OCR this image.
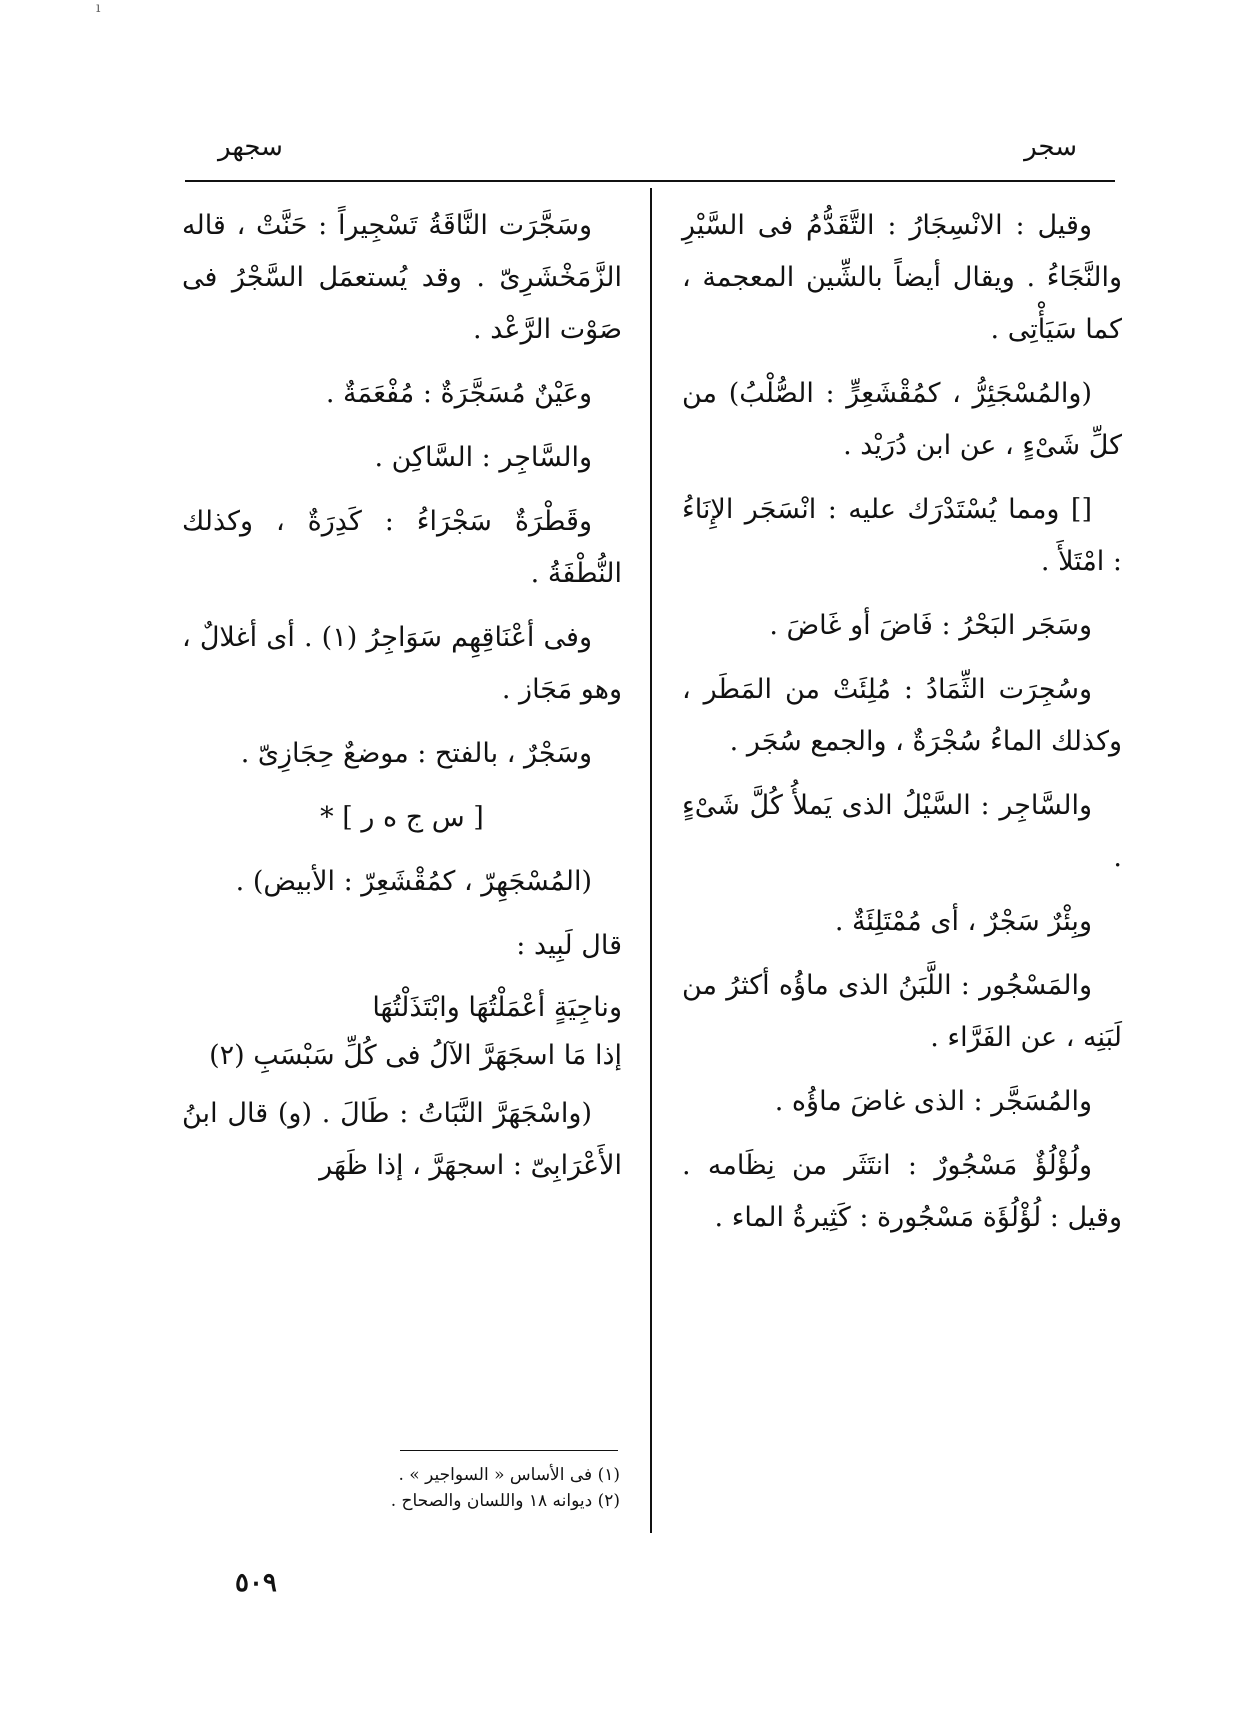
ı
سجر
سجهر

وقيل : الانْسِجَارُ : التَّقَدُّمُ فى السَّيْرِ والنَّجَاءُ . ويقال أيضاً بالشِّين المعجمة ، كما سَيَأْتِى .

(والمُسْجَئِرُّ ، كمُقْشَعِرٍّ : الصُّلْبُ) من كلِّ شَىْءٍ ، عن ابن دُرَيْد .

[] ومما يُسْتَدْرَك عليه : انْسَجَر الإِنَاءُ : امْتَلأَ .

وسَجَر البَحْرُ : فَاضَ أو غَاضَ .

وسُجِرَت الثِّمَادُ : مُلِئَتْ من المَطَر ، وكذلك الماءُ سُجْرَةٌ ، والجمع سُجَر .

والسَّاجِر : السَّيْلُ الذى يَملأُ كُلَّ شَىْءٍ .

وبِئْرٌ سَجْرٌ ، أى مُمْتَلِئَةٌ .

والمَسْجُور : اللَّبَنُ الذى ماؤُه أكثرُ من لَبَنِه ، عن الفَرَّاء .

والمُسَجَّر : الذى غاضَ ماؤُه .

ولُؤْلُؤٌ مَسْجُورٌ : انتَثَر من نِظَامه . وقيل : لُؤْلُؤَة مَسْجُورة : كَثِيرةُ الماء .

وسَجَّرَت النَّاقَةُ تَسْجِيراً : حَنَّتْ ، قاله الزَّمَخْشَرِىّ . وقد يُستعمَل السَّجْرُ فى صَوْت الرَّعْد .

وعَيْنٌ مُسَجَّرَةٌ : مُفْعَمَةٌ .

والسَّاجِر : السَّاكِن .

وقَطْرَةٌ سَجْرَاءُ : كَدِرَةٌ ، وكذلك النُّطْفَةُ .

وفى أعْنَاقِهِم سَوَاجِرُ (١) . أى أغلالٌ ، وهو مَجَاز .

وسَجْرٌ ، بالفتح : موضعٌ حِجَازِىّ .

[ س ج ه ر ] *

(المُسْجَهِرّ ، كمُقْشَعِرّ : الأبيض) .

قال لَبِيد :

وناجِيَةٍ أعْمَلْتُهَا وابْتَذَلْتُهَا
إذا مَا اسجَهَرَّ الآلُ فى كُلِّ سَبْسَبِ (٢)

(واسْجَهَرَّ النَّبَاتُ : طَالَ . (و) قال ابنُ الأَعْرَابِىّ : اسجهَرَّ ، إذا ظَهَر

(١) فى الأساس « السواجير » .
(٢) ديوانه ١٨ واللسان والصحاح .
٥٠٩
